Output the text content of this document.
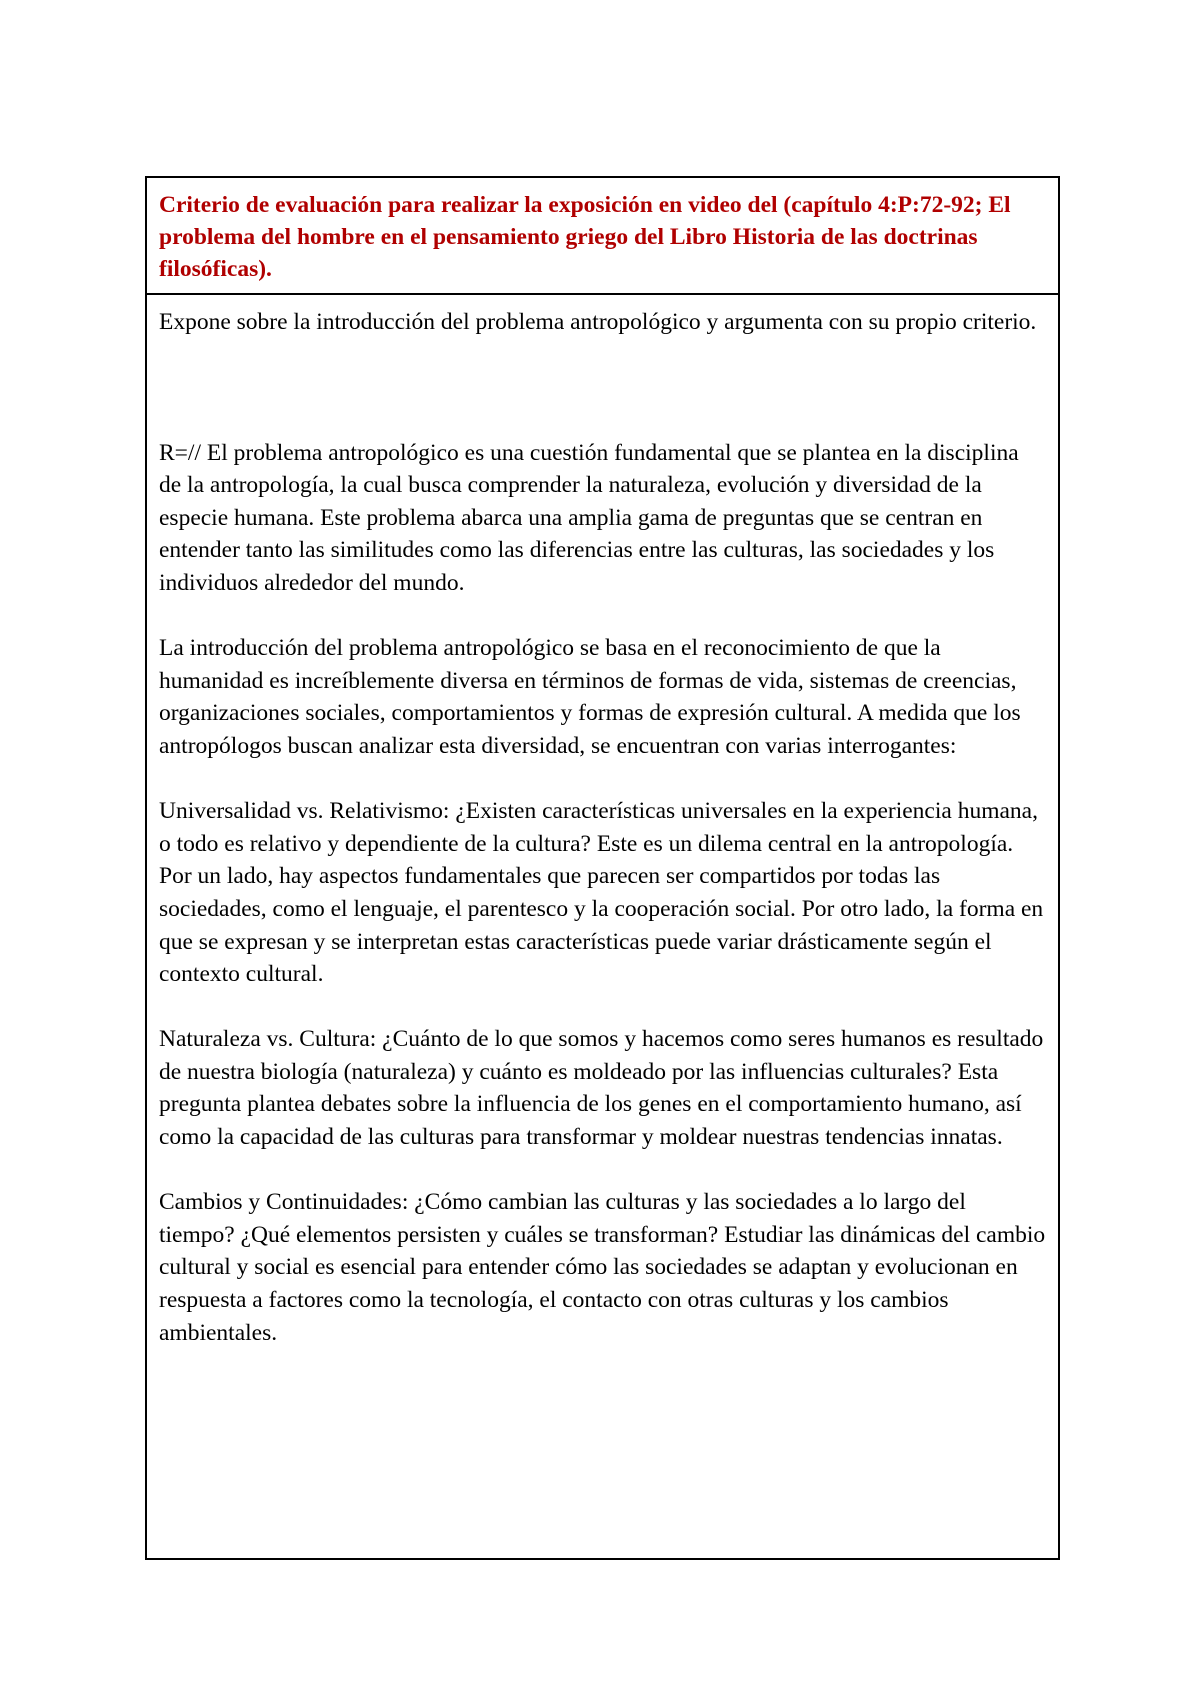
Criterio de evaluación para realizar la exposición en video del (capítulo 4:P:72-92; El problema del hombre en el pensamiento griego del Libro Historia de las doctrinas filosóficas).

Expone sobre la introducción del problema antropológico y argumenta con su propio criterio.

R=// El problema antropológico es una cuestión fundamental que se plantea en la disciplina de la antropología, la cual busca comprender la naturaleza, evolución y diversidad de la especie humana. Este problema abarca una amplia gama de preguntas que se centran en entender tanto las similitudes como las diferencias entre las culturas, las sociedades y los individuos alrededor del mundo.

La introducción del problema antropológico se basa en el reconocimiento de que la humanidad es increíblemente diversa en términos de formas de vida, sistemas de creencias, organizaciones sociales, comportamientos y formas de expresión cultural. A medida que los antropólogos buscan analizar esta diversidad, se encuentran con varias interrogantes:

Universalidad vs. Relativismo: ¿Existen características universales en la experiencia humana, o todo es relativo y dependiente de la cultura? Este es un dilema central en la antropología. Por un lado, hay aspectos fundamentales que parecen ser compartidos por todas las sociedades, como el lenguaje, el parentesco y la cooperación social. Por otro lado, la forma en que se expresan y se interpretan estas características puede variar drásticamente según el contexto cultural.

Naturaleza vs. Cultura: ¿Cuánto de lo que somos y hacemos como seres humanos es resultado de nuestra biología (naturaleza) y cuánto es moldeado por las influencias culturales? Esta pregunta plantea debates sobre la influencia de los genes en el comportamiento humano, así como la capacidad de las culturas para transformar y moldear nuestras tendencias innatas.

Cambios y Continuidades: ¿Cómo cambian las culturas y las sociedades a lo largo del tiempo? ¿Qué elementos persisten y cuáles se transforman? Estudiar las dinámicas del cambio cultural y social es esencial para entender cómo las sociedades se adaptan y evolucionan en respuesta a factores como la tecnología, el contacto con otras culturas y los cambios ambientales.
